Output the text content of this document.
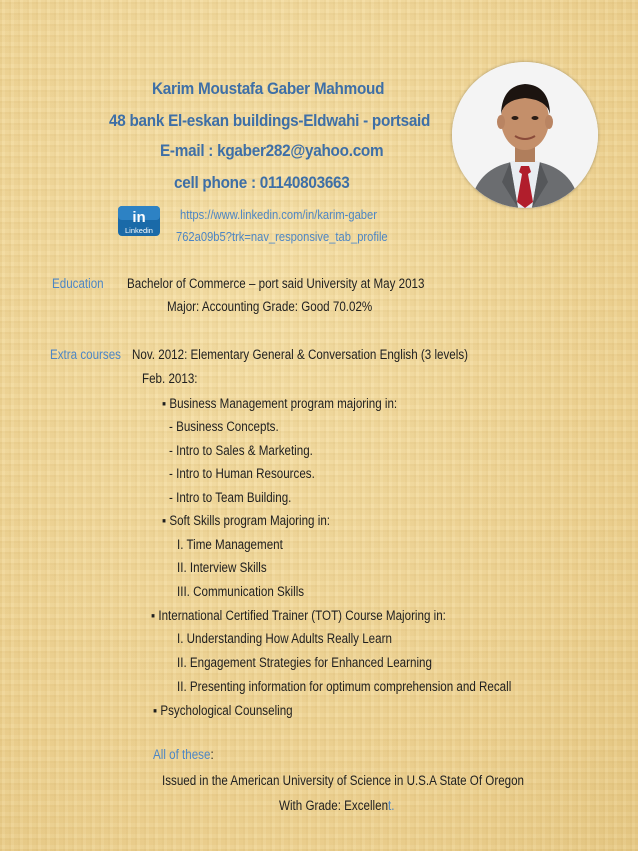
Karim Moustafa Gaber Mahmoud
48 bank El-eskan buildings-Eldwahi - portsaid
E-mail : kgaber282@yahoo.com
cell phone : 01140803663
in
Linkedin
https://www.linkedin.com/in/karim-gaber
762a09b5?trk=nav_responsive_tab_profile
Education Bachelor of Commerce – port said University at May 2013
Major: Accounting Grade: Good 70.02%
Extra courses Nov. 2012: Elementary General & Conversation English (3 levels)
Feb. 2013:
▪ Business Management program majoring in:
- Business Concepts.
- Intro to Sales & Marketing.
- Intro to Human Resources.
- Intro to Team Building.
▪ Soft Skills program Majoring in:
I. Time Management
II. Interview Skills
III. Communication Skills
▪ International Certified Trainer (TOT) Course Majoring in:
I. Understanding How Adults Really Learn
II. Engagement Strategies for Enhanced Learning
II. Presenting information for optimum comprehension and Recall
▪ Psychological Counseling
All of these:
Issued in the American University of Science in U.S.A State Of Oregon
With Grade: Excellent.
